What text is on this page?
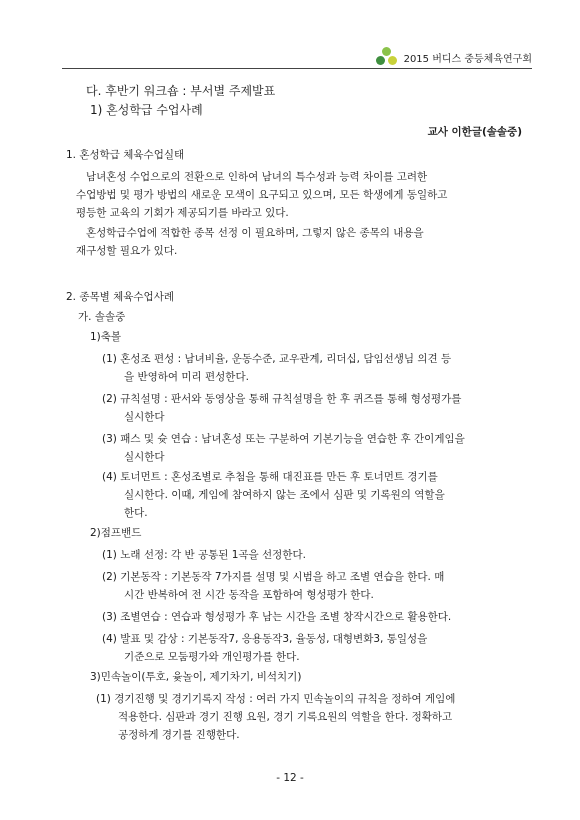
2015 버디스 중등체육연구회
다. 후반기 워크숍 : 부서별 주제발표
1) 혼성학급 수업사례
교사 이한글(솔솔중)
1. 혼성학급 체육수업실태
남녀혼성 수업으로의 전환으로 인하여 남녀의 특수성과 능력 차이를 고려한
수업방법 및 평가 방법의 새로운 모색이 요구되고 있으며, 모든 학생에게 동일하고
평등한 교육의 기회가 제공되기를 바라고 있다.
혼성학급수업에 적합한 종목 선정 이 필요하며, 그렇지 않은 종목의 내용을
재구성할 필요가 있다.
2. 종목별 체육수업사례
가. 솔솔중
1)축볼
(1) 혼성조 편성 : 남녀비율, 운동수준, 교우관계, 리더십, 담임선생님 의견 등
을 반영하여 미리 편성한다.
(2) 규칙설명 : 판서와 동영상을 통해 규칙설명을 한 후 퀴즈를 통해 형성평가를
실시한다
(3) 패스 및 슛 연습 : 남녀혼성 또는 구분하여 기본기능을 연습한 후 간이게임을
실시한다
(4) 토너먼트 : 혼성조별로 추첨을 통해 대진표를 만든 후 토너먼트 경기를
실시한다. 이때, 게임에 참여하지 않는 조에서 심판 및 기록원의 역할을
한다.
2)점프밴드
(1) 노래 선정: 각 반 공통된 1곡을 선정한다.
(2) 기본동작 : 기본동작 7가지를 설명 및 시범을 하고 조별 연습을 한다. 매
시간 반복하여 전 시간 동작을 포함하여 형성평가 한다.
(3) 조별연습 : 연습과 형성평가 후 남는 시간을 조별 창작시간으로 활용한다.
(4) 발표 및 감상 : 기본동작7, 응용동작3, 율동성, 대형변화3, 통일성을
기준으로 모둠평가와 개인평가를 한다.
3)민속놀이(투호, 윷놀이, 제기차기, 비석치기)
(1) 경기진행 및 경기기록지 작성 : 여러 가지 민속놀이의 규칙을 정하여 게임에
적용한다. 심판과 경기 진행 요원, 경기 기록요원의 역할을 한다. 정확하고
공정하게 경기를 진행한다.
- 12 -
